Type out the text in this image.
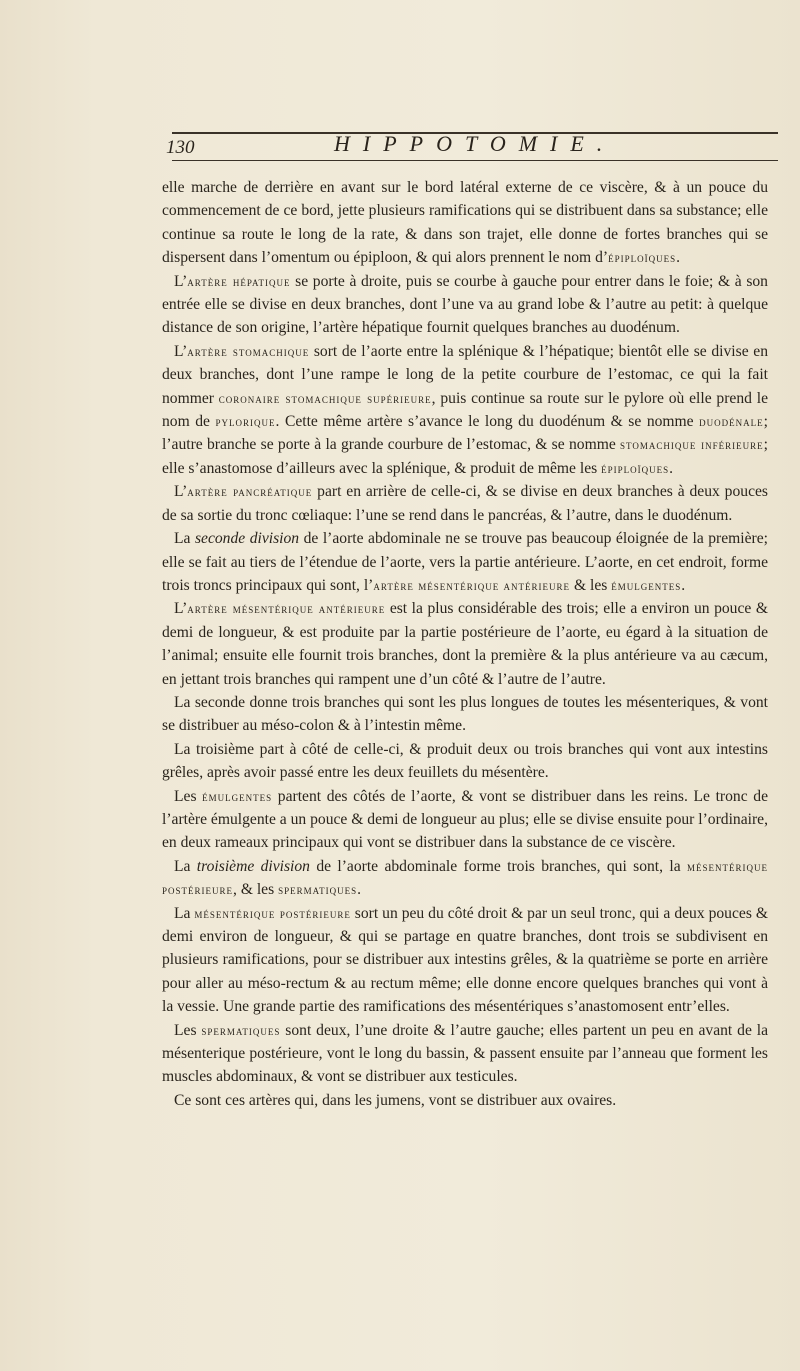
130	HIPPOTOMIE.

elle marche de derrière en avant sur le bord latéral externe de ce viscère, & à un pouce du commencement de ce bord, jette plusieurs ramifications qui se distribuent dans sa substance; elle continue sa route le long de la rate, & dans son trajet, elle donne de fortes branches qui se dispersent dans l’omentum ou épiploon, & qui alors prennent le nom d’épiploïques.

L’artère hépatique se porte à droite, puis se courbe à gauche pour entrer dans le foie; & à son entrée elle se divise en deux branches, dont l’une va au grand lobe & l’autre au petit: à quelque distance de son origine, l’artère hépatique fournit quelques branches au duodénum.

L’artère stomachique sort de l’aorte entre la splénique & l’hépatique; bientôt elle se divise en deux branches, dont l’une rampe le long de la petite courbure de l’estomac, ce qui la fait nommer coronaire stomachique supérieure, puis continue sa route sur le pylore où elle prend le nom de pylorique. Cette même artère s’avance le long du duodénum & se nomme duodénale; l’autre branche se porte à la grande courbure de l’estomac, & se nomme stomachique inférieure; elle s’anastomose d’ailleurs avec la splénique, & produit de même les épiploïques.

L’artère pancréatique part en arrière de celle-ci, & se divise en deux branches à deux pouces de sa sortie du tronc cœliaque: l’une se rend dans le pancréas, & l’autre, dans le duodénum.

La seconde division de l’aorte abdominale ne se trouve pas beaucoup éloignée de la première; elle se fait au tiers de l’étendue de l’aorte, vers la partie antérieure. L’aorte, en cet endroit, forme trois troncs principaux qui sont, l’artère mésentérique antérieure & les émulgentes.

L’artère mésentérique antérieure est la plus considérable des trois; elle a environ un pouce & demi de longueur, & est produite par la partie postérieure de l’aorte, eu égard à la situation de l’animal; ensuite elle fournit trois branches, dont la première & la plus antérieure va au cæcum, en jettant trois branches qui rampent une d’un côté & l’autre de l’autre.

La seconde donne trois branches qui sont les plus longues de toutes les mésenteriques, & vont se distribuer au méso-colon & à l’intestin même.

La troisième part à côté de celle-ci, & produit deux ou trois branches qui vont aux intestins grêles, après avoir passé entre les deux feuillets du mésentère.

Les émulgentes partent des côtés de l’aorte, & vont se distribuer dans les reins. Le tronc de l’artère émulgente a un pouce & demi de longueur au plus; elle se divise ensuite pour l’ordinaire, en deux rameaux principaux qui vont se distribuer dans la substance de ce viscère.

La troisième division de l’aorte abdominale forme trois branches, qui sont, la mésentérique postérieure, & les spermatiques.

La mésentérique postérieure sort un peu du côté droit & par un seul tronc, qui a deux pouces & demi environ de longueur, & qui se partage en quatre branches, dont trois se subdivisent en plusieurs ramifications, pour se distribuer aux intestins grêles, & la quatrième se porte en arrière pour aller au méso-rectum & au rectum même; elle donne encore quelques branches qui vont à la vessie. Une grande partie des ramifications des mésentériques s’anastomosent entr’elles.

Les spermatiques sont deux, l’une droite & l’autre gauche; elles partent un peu en avant de la mésenterique postérieure, vont le long du bassin, & passent ensuite par l’anneau que forment les muscles abdominaux, & vont se distribuer aux testicules.

Ce sont ces artères qui, dans les jumens, vont se distribuer aux ovaires.
